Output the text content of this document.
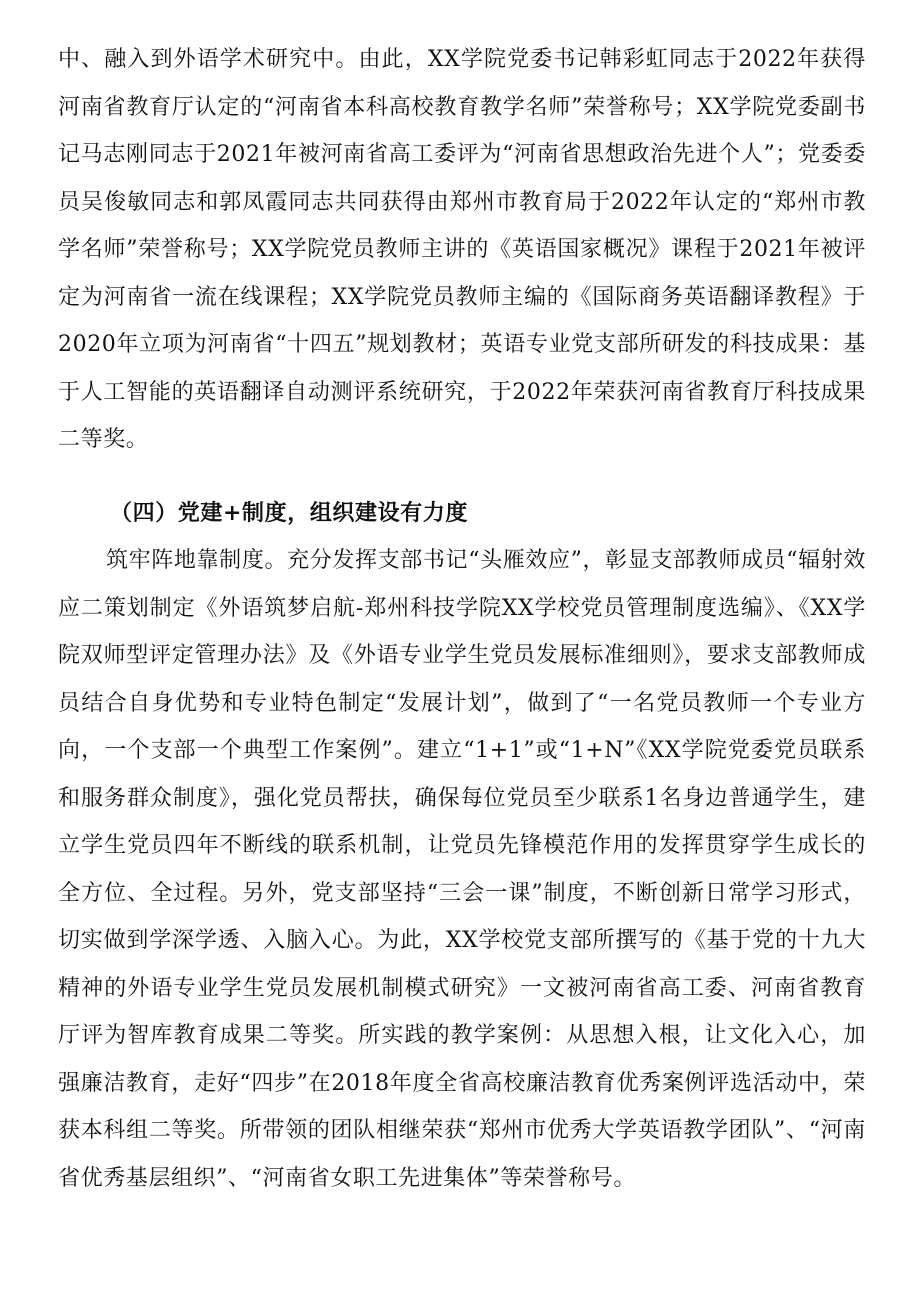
中、融入到外语学术研究中。由此，XX学院党委书记韩彩虹同志于2022年获得河南省教育厅认定的“河南省本科高校教育教学名师”荣誉称号；XX学院党委副书记马志刚同志于2021年被河南省高工委评为“河南省思想政治先进个人”；党委委员吴俊敏同志和郭凤霞同志共同获得由郑州市教育局于2022年认定的“郑州市教学名师”荣誉称号；XX学院党员教师主讲的《英语国家概况》课程于2021年被评定为河南省一流在线课程；XX学院党员教师主编的《国际商务英语翻译教程》于2020年立项为河南省“十四五”规划教材；英语专业党支部所研发的科技成果：基于人工智能的英语翻译自动测评系统研究，于2022年荣获河南省教育厅科技成果二等奖。

（四）党建+制度，组织建设有力度

筑牢阵地靠制度。充分发挥支部书记“头雁效应”，彰显支部教师成员“辐射效应二策划制定《外语筑梦启航-郑州科技学院XX学校党员管理制度选编》、《XX学院双师型评定管理办法》及《外语专业学生党员发展标准细则》，要求支部教师成员结合自身优势和专业特色制定“发展计划”，做到了“一名党员教师一个专业方向，一个支部一个典型工作案例”。建立“1+1”或“1+N”《XX学院党委党员联系和服务群众制度》，强化党员帮扶，确保每位党员至少联系1名身边普通学生，建立学生党员四年不断线的联系机制，让党员先锋模范作用的发挥贯穿学生成长的全方位、全过程。另外，党支部坚持“三会一课”制度，不断创新日常学习形式，切实做到学深学透、入脑入心。为此，XX学校党支部所撰写的《基于党的十九大精神的外语专业学生党员发展机制模式研究》一文被河南省高工委、河南省教育厅评为智库教育成果二等奖。所实践的教学案例：从思想入根，让文化入心，加强廉洁教育，走好“四步”在2018年度全省高校廉洁教育优秀案例评选活动中，荣获本科组二等奖。所带领的团队相继荣获“郑州市优秀大学英语教学团队”、“河南省优秀基层组织”、“河南省女职工先进集体”等荣誉称号。
